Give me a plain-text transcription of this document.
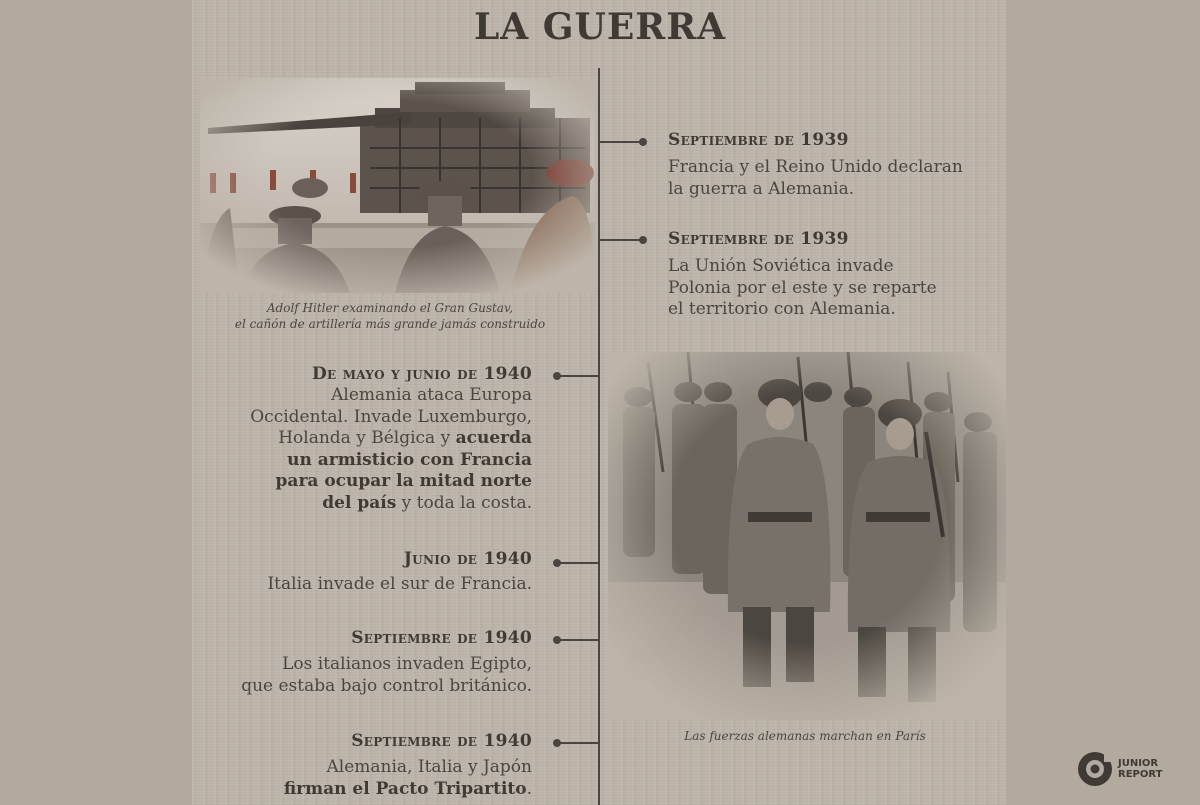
LA GUERRA
Adolf Hitler examinando el Gran Gustav,
el cañón de artillería más grande jamás construido
Las fuerzas alemanas marchan en París
Septiembre de 1939
Francia y el Reino Unido declaran
la guerra a Alemania.
Septiembre de 1939
La Unión Soviética invade
Polonia por el este y se reparte
el territorio con Alemania.
De mayo y junio de 1940
Alemania ataca Europa
Occidental. Invade Luxemburgo,
Holanda y Bélgica y acuerda
un armisticio con Francia
para ocupar la mitad norte
del país y toda la costa.
Junio de 1940
Italia invade el sur de Francia.
Septiembre de 1940
Los italianos invaden Egipto,
que estaba bajo control británico.
Septiembre de 1940
Alemania, Italia y Japón
firman el Pacto Tripartito.
JUNIOR
REPORT
